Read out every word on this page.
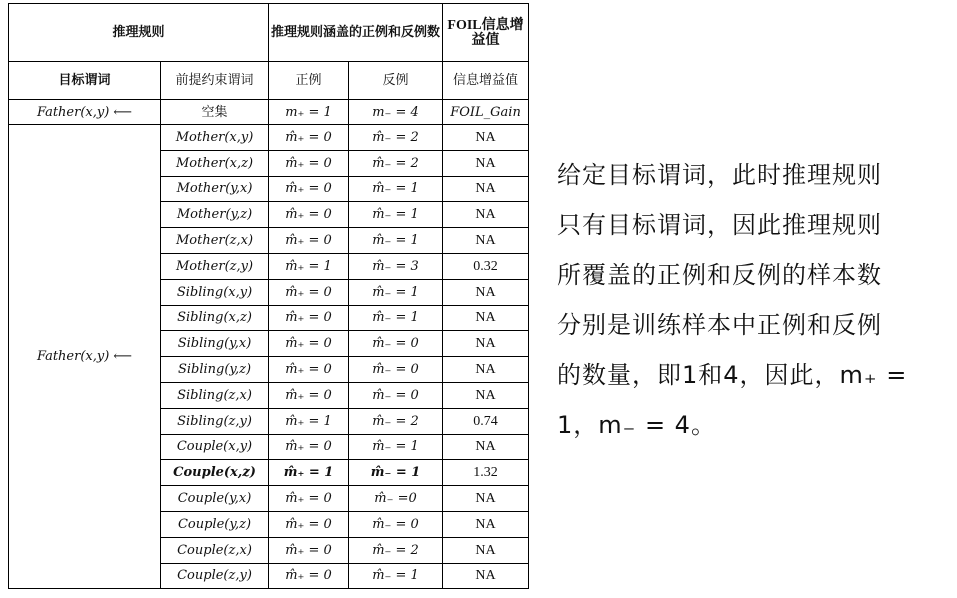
推理规则		推理规则涵盖的正例和反例数		FOIL信息增益值
目标谓词	前提约束谓词	正例	反例	信息增益值
Father(x,y) ⟵	空集	m₊ = 1	m₋ = 4	FOIL_Gain
Father(x,y) ⟵	Mother(x,y)	m̂₊ = 0	m̂₋ = 2	NA
	Mother(x,z)	m̂₊ = 0	m̂₋ = 2	NA
	Mother(y,x)	m̂₊ = 0	m̂₋ = 1	NA
	Mother(y,z)	m̂₊ = 0	m̂₋ = 1	NA
	Mother(z,x)	m̂₊ = 0	m̂₋ = 1	NA
	Mother(z,y)	m̂₊ = 1	m̂₋ = 3	0.32
	Sibling(x,y)	m̂₊ = 0	m̂₋ = 1	NA
	Sibling(x,z)	m̂₊ = 0	m̂₋ = 1	NA
	Sibling(y,x)	m̂₊ = 0	m̂₋ = 0	NA
	Sibling(y,z)	m̂₊ = 0	m̂₋ = 0	NA
	Sibling(z,x)	m̂₊ = 0	m̂₋ = 0	NA
	Sibling(z,y)	m̂₊ = 1	m̂₋ = 2	0.74
	Couple(x,y)	m̂₊ = 0	m̂₋ = 1	NA
	Couple(x,z)	m̂₊ = 1	m̂₋ = 1	1.32
	Couple(y,x)	m̂₊ = 0	m̂₋ =0	NA
	Couple(y,z)	m̂₊ = 0	m̂₋ = 0	NA
	Couple(z,x)	m̂₊ = 0	m̂₋ = 2	NA
	Couple(z,y)	m̂₊ = 0	m̂₋ = 1	NA
给定目标谓词，此时推理规则
只有目标谓词，因此推理规则
所覆盖的正例和反例的样本数
分别是训练样本中正例和反例
的数量，即1和4，因此，m₊ =
1，m₋ = 4。
